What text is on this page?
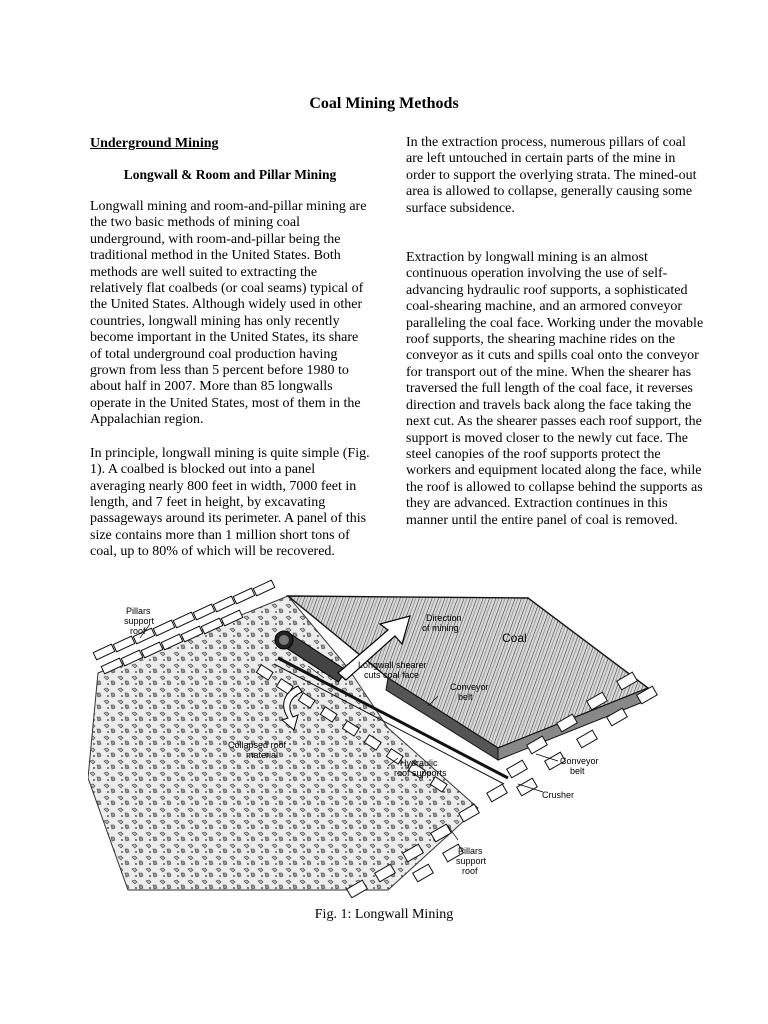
Coal Mining Methods

Underground Mining

Longwall & Room and Pillar Mining

Longwall mining and room-and-pillar mining are the two basic methods of mining coal underground, with room-and-pillar being the traditional method in the United States. Both methods are well suited to extracting the relatively flat coalbeds (or coal seams) typical of the United States. Although widely used in other countries, longwall mining has only recently become important in the United States, its share of total underground coal production having grown from less than 5 percent before 1980 to about half in 2007. More than 85 longwalls operate in the United States, most of them in the Appalachian region.

In principle, longwall mining is quite simple (Fig. 1). A coalbed is blocked out into a panel averaging nearly 800 feet in width, 7000 feet in length, and 7 feet in height, by excavating passageways around its perimeter. A panel of this size contains more than 1 million short tons of coal, up to 80% of which will be recovered.

In the extraction process, numerous pillars of coal are left untouched in certain parts of the mine in order to support the overlying strata. The mined-out area is allowed to collapse, generally causing some surface subsidence.

Extraction by longwall mining is an almost continuous operation involving the use of self-advancing hydraulic roof supports, a sophisticated coal-shearing machine, and an armored conveyor paralleling the coal face. Working under the movable roof supports, the shearing machine rides on the conveyor as it cuts and spills coal onto the conveyor for transport out of the mine. When the shearer has traversed the full length of the coal face, it reverses direction and travels back along the face taking the next cut. As the shearer passes each roof support, the support is moved closer to the newly cut face. The steel canopies of the roof supports protect the workers and equipment located along the face, while the roof is allowed to collapse behind the supports as they are advanced. Extraction continues in this manner until the entire panel of coal is removed.

Pillars support roof
Direction of mining
Coal
Longwall shearer cuts coal face
Conveyor belt
Collapsed roof material
Hydraulic roof supports
Conveyor belt
Crusher
Pillars support roof
Fig. 1: Longwall Mining
